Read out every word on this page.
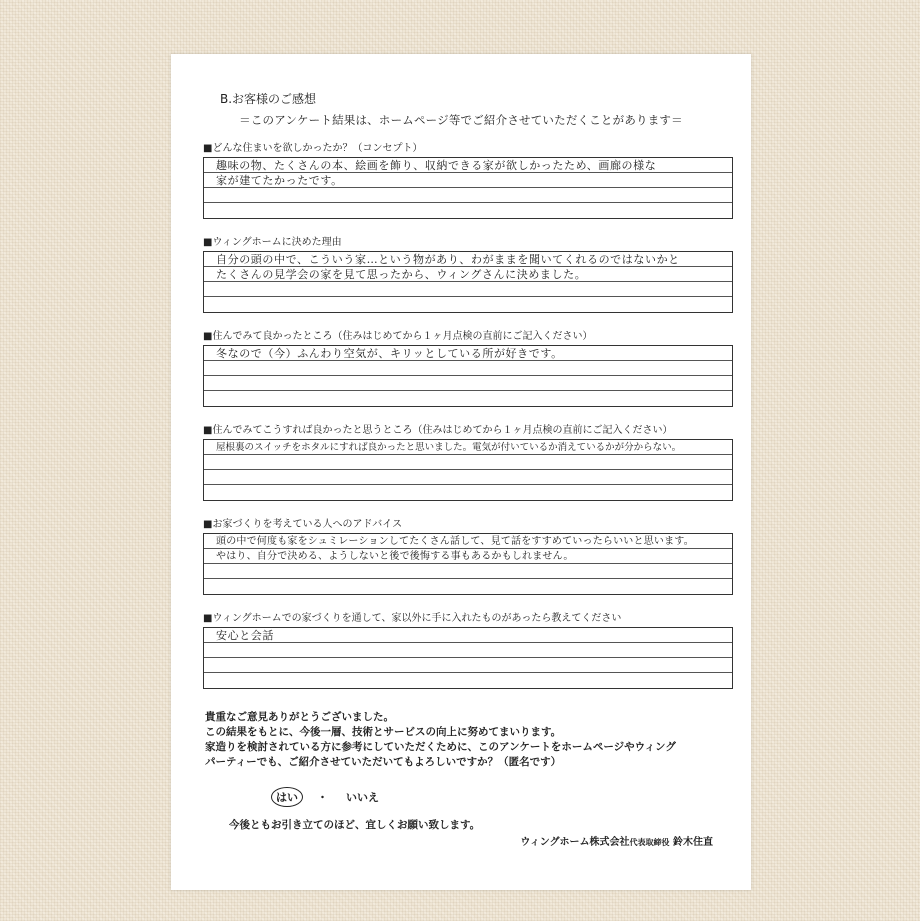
B.お客様のご感想
＝このアンケート結果は、ホームページ等でご紹介させていただくことがあります＝
■どんな住まいを欲しかったか？（コンセプト）
趣味の物、たくさんの本、絵画を飾り、収納できる家が欲しかったため、画廊の様な
家が建てたかったです。
■ウィングホームに決めた理由
自分の頭の中で、こういう家…という物があり、わがままを聞いてくれるのではないかと
たくさんの見学会の家を見て思ったから、ウィングさんに決めました。
■住んでみて良かったところ（住みはじめてから１ヶ月点検の直前にご記入ください）
冬なので（今）ふんわり空気が、キリッとしている所が好きです。
■住んでみてこうすれば良かったと思うところ（住みはじめてから１ヶ月点検の直前にご記入ください）
屋根裏のスイッチをホタルにすれば良かったと思いました。電気が付いているか消えているかが分からない。
■お家づくりを考えている人へのアドバイス
頭の中で何度も家をシュミレーションしてたくさん話して、見て話をすすめていったらいいと思います。
やはり、自分で決める、ようしないと後で後悔する事もあるかもしれません。
■ウィングホームでの家づくりを通して、家以外に手に入れたものがあったら教えてください
安心と会話
貴重なご意見ありがとうございました。
この結果をもとに、今後一層、技術とサービスの向上に努めてまいります。
家造りを検討されている方に参考にしていただくために、このアンケートをホームページやウィング
パーティーでも、ご紹介させていただいてもよろしいですか？（匿名です）
はい ・ いいえ
今後ともお引き立てのほど、宜しくお願い致します。
ウィングホーム株式会社代表取締役 鈴木住直
